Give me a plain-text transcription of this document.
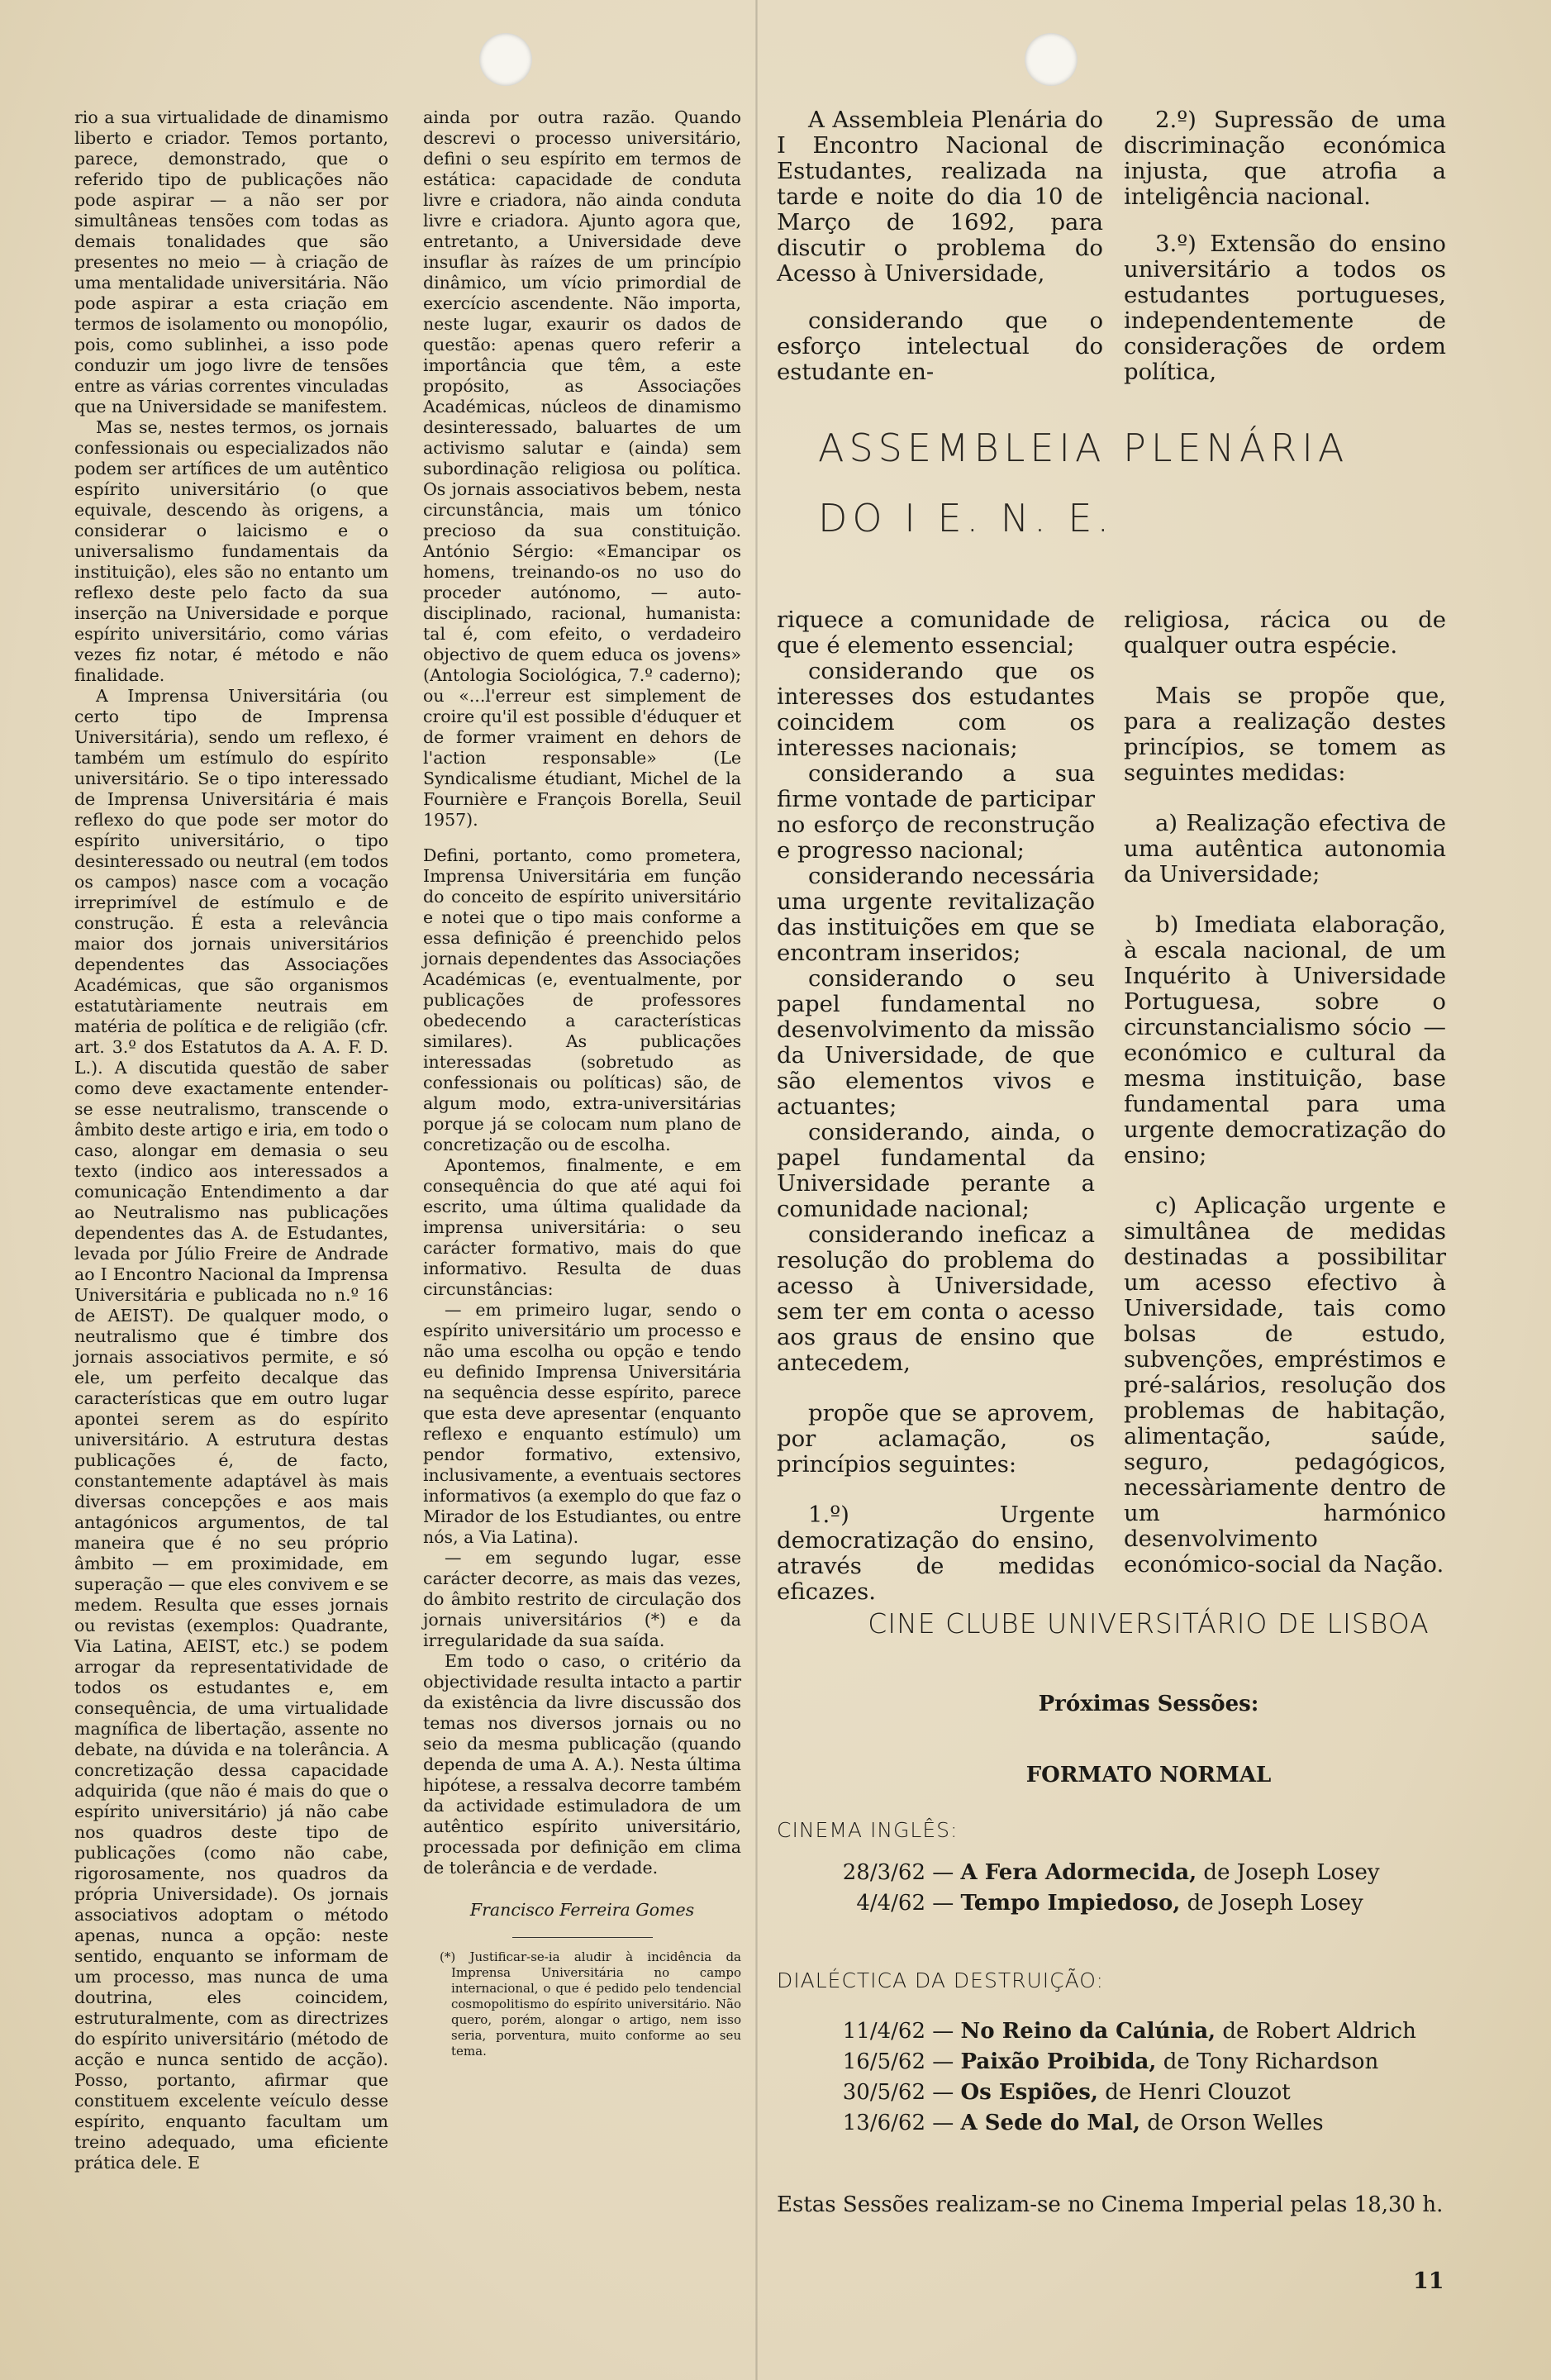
rio a sua virtualidade de dinamismo liberto e criador. Temos portanto, parece, demonstrado, que o referido tipo de publicações não pode aspirar — a não ser por simultâneas tensões com todas as demais tonalidades que são presentes no meio — à criação de uma mentalidade universitária. Não pode aspirar a esta criação em termos de isolamento ou monopólio, pois, como sublinhei, a isso pode conduzir um jogo livre de tensões entre as várias correntes vinculadas que na Universidade se manifestem.

Mas se, nestes termos, os jornais confessionais ou especializados não podem ser artífices de um autêntico espírito universitário (o que equivale, descendo às origens, a considerar o laicismo e o universalismo fundamentais da instituição), eles são no entanto um reflexo deste pelo facto da sua inserção na Universidade e porque espírito universitário, como várias vezes fiz notar, é método e não finalidade.

A Imprensa Universitária (ou certo tipo de Imprensa Universitária), sendo um reflexo, é também um estímulo do espírito universitário. Se o tipo interessado de Imprensa Universitária é mais reflexo do que pode ser motor do espírito universitário, o tipo desinteressado ou neutral (em todos os campos) nasce com a vocação irreprimível de estímulo e de construção. É esta a relevância maior dos jornais universitários dependentes das Associações Académicas, que são organismos estatutàriamente neutrais em matéria de política e de religião (cfr. art. 3.º dos Estatutos da A. A. F. D. L.). A discutida questão de saber como deve exactamente entender-se esse neutralismo, transcende o âmbito deste artigo e iria, em todo o caso, alongar em demasia o seu texto (indico aos interessados a comunicação Entendimento a dar ao Neutralismo nas publicações dependentes das A. de Estudantes, levada por Júlio Freire de Andrade ao I Encontro Nacional da Imprensa Universitária e publicada no n.º 16 de AEIST). De qualquer modo, o neutralismo que é timbre dos jornais associativos permite, e só ele, um perfeito decalque das características que em outro lugar apontei serem as do espírito universitário. A estrutura destas publicações é, de facto, constantemente adaptável às mais diversas concepções e aos mais antagónicos argumentos, de tal maneira que é no seu próprio âmbito — em proximidade, em superação — que eles convivem e se medem. Resulta que esses jornais ou revistas (exemplos: Quadrante, Via Latina, AEIST, etc.) se podem arrogar da representatividade de todos os estudantes e, em consequência, de uma virtualidade magnífica de libertação, assente no debate, na dúvida e na tolerância. A concretização dessa capacidade adquirida (que não é mais do que o espírito universitário) já não cabe nos quadros deste tipo de publicações (como não cabe, rigorosamente, nos quadros da própria Universidade). Os jornais associativos adoptam o método apenas, nunca a opção: neste sentido, enquanto se informam de um processo, mas nunca de uma doutrina, eles coincidem, estruturalmente, com as directrizes do espírito universitário (método de acção e nunca sentido de acção). Posso, portanto, afirmar que constituem excelente veículo desse espírito, enquanto facultam um treino adequado, uma eficiente prática dele. E

ainda por outra razão. Quando descrevi o processo universitário, defini o seu espírito em termos de estática: capacidade de conduta livre e criadora, não ainda conduta livre e criadora. Ajunto agora que, entretanto, a Universidade deve insuflar às raízes de um princípio dinâmico, um vício primordial de exercício ascendente. Não importa, neste lugar, exaurir os dados de questão: apenas quero referir a importância que têm, a este propósito, as Associações Académicas, núcleos de dinamismo desinteressado, baluartes de um activismo salutar e (ainda) sem subordinação religiosa ou política. Os jornais associativos bebem, nesta circunstância, mais um tónico precioso da sua constituição. António Sérgio: «Emancipar os homens, treinando-os no uso do proceder autónomo, — auto-disciplinado, racional, humanista: tal é, com efeito, o verdadeiro objectivo de quem educa os jovens» (Antologia Sociológica, 7.º caderno); ou «...l'erreur est simplement de croire qu'il est possible d'éduquer et de former vraiment en dehors de l'action responsable» (Le Syndicalisme étudiant, Michel de la Fournière e François Borella, Seuil 1957).

Defini, portanto, como prometera, Imprensa Universitária em função do conceito de espírito universitário e notei que o tipo mais conforme a essa definição é preenchido pelos jornais dependentes das Associações Académicas (e, eventualmente, por publicações de professores obedecendo a características similares). As publicações interessadas (sobretudo as confessionais ou políticas) são, de algum modo, extra-universitárias porque já se colocam num plano de concretização ou de escolha.

Apontemos, finalmente, e em consequência do que até aqui foi escrito, uma última qualidade da imprensa universitária: o seu carácter formativo, mais do que informativo. Resulta de duas circunstâncias:

— em primeiro lugar, sendo o espírito universitário um processo e não uma escolha ou opção e tendo eu definido Imprensa Universitária na sequência desse espírito, parece que esta deve apresentar (enquanto reflexo e enquanto estímulo) um pendor formativo, extensivo, inclusivamente, a eventuais sectores informativos (a exemplo do que faz o Mirador de los Estudiantes, ou entre nós, a Via Latina).

— em segundo lugar, esse carácter decorre, as mais das vezes, do âmbito restrito de circulação dos jornais universitários (*) e da irregularidade da sua saída.

Em todo o caso, o critério da objectividade resulta intacto a partir da existência da livre discussão dos temas nos diversos jornais ou no seio da mesma publicação (quando dependa de uma A. A.). Nesta última hipótese, a ressalva decorre também da actividade estimuladora de um autêntico espírito universitário, processada por definição em clima de tolerância e de verdade.

Francisco Ferreira Gomes

(*) Justificar-se-ia aludir à incidência da Imprensa Universitária no campo internacional, o que é pedido pelo tendencial cosmopolitismo do espírito universitário. Não quero, porém, alongar o artigo, nem isso seria, porventura, muito conforme ao seu tema.

A Assembleia Plenária do I Encontro Nacional de Estudantes, realizada na tarde e noite do dia 10 de Março de 1692, para discutir o problema do Acesso à Universidade,

considerando que o esforço intelectual do estudante en-

2.º) Supressão de uma discriminação económica injusta, que atrofia a inteligência nacional.

3.º) Extensão do ensino universitário a todos os estudantes portugueses, independentemente de considerações de ordem política,

ASSEMBLEIA PLENÁRIA
DO I E. N. E.

riquece a comunidade de que é elemento essencial;

considerando que os interesses dos estudantes coincidem com os interesses nacionais;

considerando a sua firme vontade de participar no esforço de reconstrução e progresso nacional;

considerando necessária uma urgente revitalização das instituições em que se encontram inseridos;

considerando o seu papel fundamental no desenvolvimento da missão da Universidade, de que são elementos vivos e actuantes;

considerando, ainda, o papel fundamental da Universidade perante a comunidade nacional;

considerando ineficaz a resolução do problema do acesso à Universidade, sem ter em conta o acesso aos graus de ensino que antecedem,

propõe que se aprovem, por aclamação, os princípios seguintes:

1.º) Urgente democratização do ensino, através de medidas eficazes.

religiosa, rácica ou de qualquer outra espécie.

Mais se propõe que, para a realização destes princípios, se tomem as seguintes medidas:

a) Realização efectiva de uma autêntica autonomia da Universidade;

b) Imediata elaboração, à escala nacional, de um Inquérito à Universidade Portuguesa, sobre o circunstancialismo sócio — económico e cultural da mesma instituição, base fundamental para uma urgente democratização do ensino;

c) Aplicação urgente e simultânea de medidas destinadas a possibilitar um acesso efectivo à Universidade, tais como bolsas de estudo, subvenções, empréstimos e pré-salários, resolução dos problemas de habitação, alimentação, saúde, seguro, pedagógicos, necessàriamente dentro de um harmónico desenvolvimento económico-social da Nação.

CINE CLUBE UNIVERSITÁRIO DE LISBOA
Próximas Sessões:
FORMATO NORMAL
CINEMA INGLÊS:
28/3/62 — A Fera Adormecida, de Joseph Losey
4/4/62 — Tempo Impiedoso, de Joseph Losey
DIALÉCTICA DA DESTRUIÇÃO:
11/4/62 — No Reino da Calúnia, de Robert Aldrich
16/5/62 — Paixão Proibida, de Tony Richardson
30/5/62 — Os Espiões, de Henri Clouzot
13/6/62 — A Sede do Mal, de Orson Welles
Estas Sessões realizam-se no Cinema Imperial pelas 18,30 h.
11
